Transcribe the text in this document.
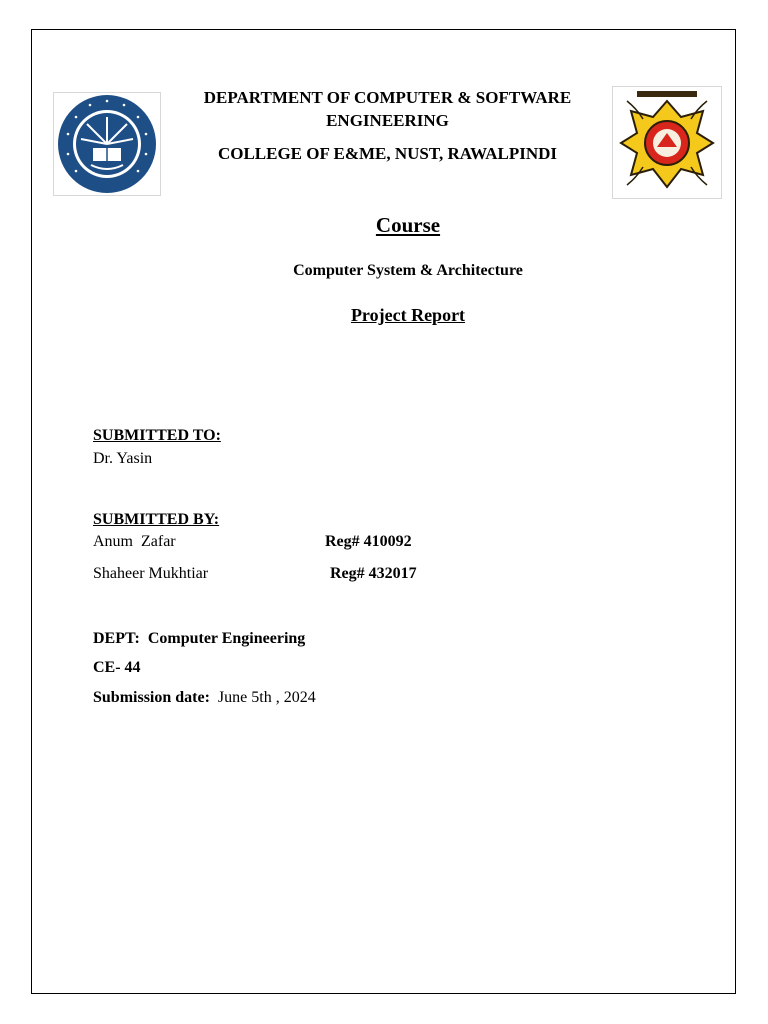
DEPARTMENT OF COMPUTER & SOFTWARE
ENGINEERING
COLLEGE OF E&ME, NUST, RAWALPINDI
Course
Computer System & Architecture
Project Report
SUBMITTED TO:
Dr. Yasin
SUBMITTED BY:
Anum  Zafar	Reg# 410092
Shaheer Mukhtiar	Reg# 432017
DEPT:  Computer Engineering
CE- 44
Submission date: June 5th , 2024
